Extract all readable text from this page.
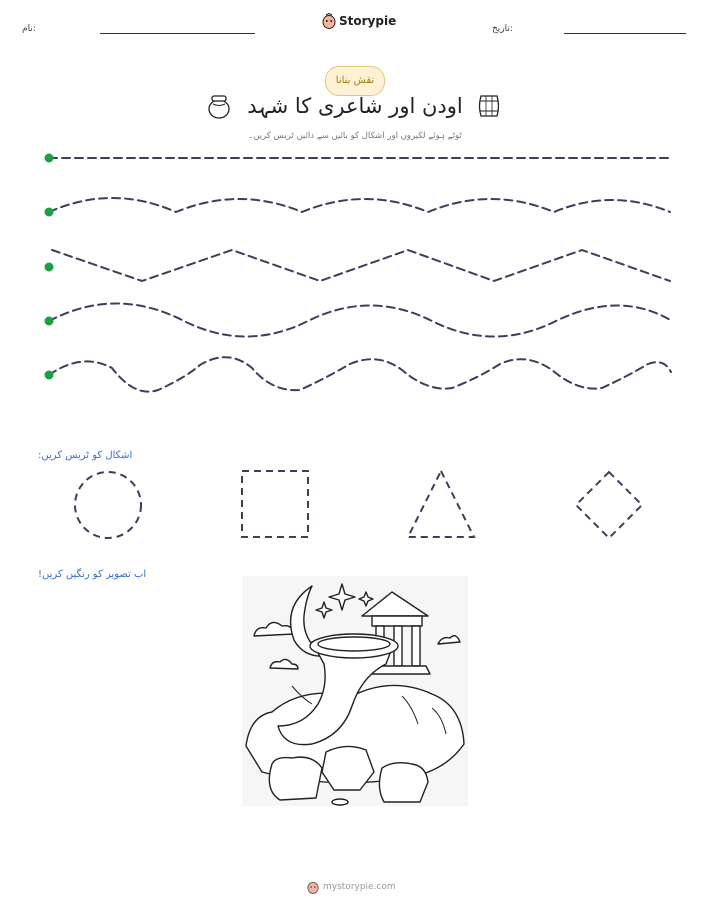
نام:
Storypie
تاریخ:
نقش بنانا
اودن اور شاعری کا شہد
ٹوٹے ہوئے لکیروں اور اشکال کو بائیں سے دائیں ٹریس کریں۔
اشکال کو ٹریس کریں:
اب تصویر کو رنگین کریں!
mystorypie.com
